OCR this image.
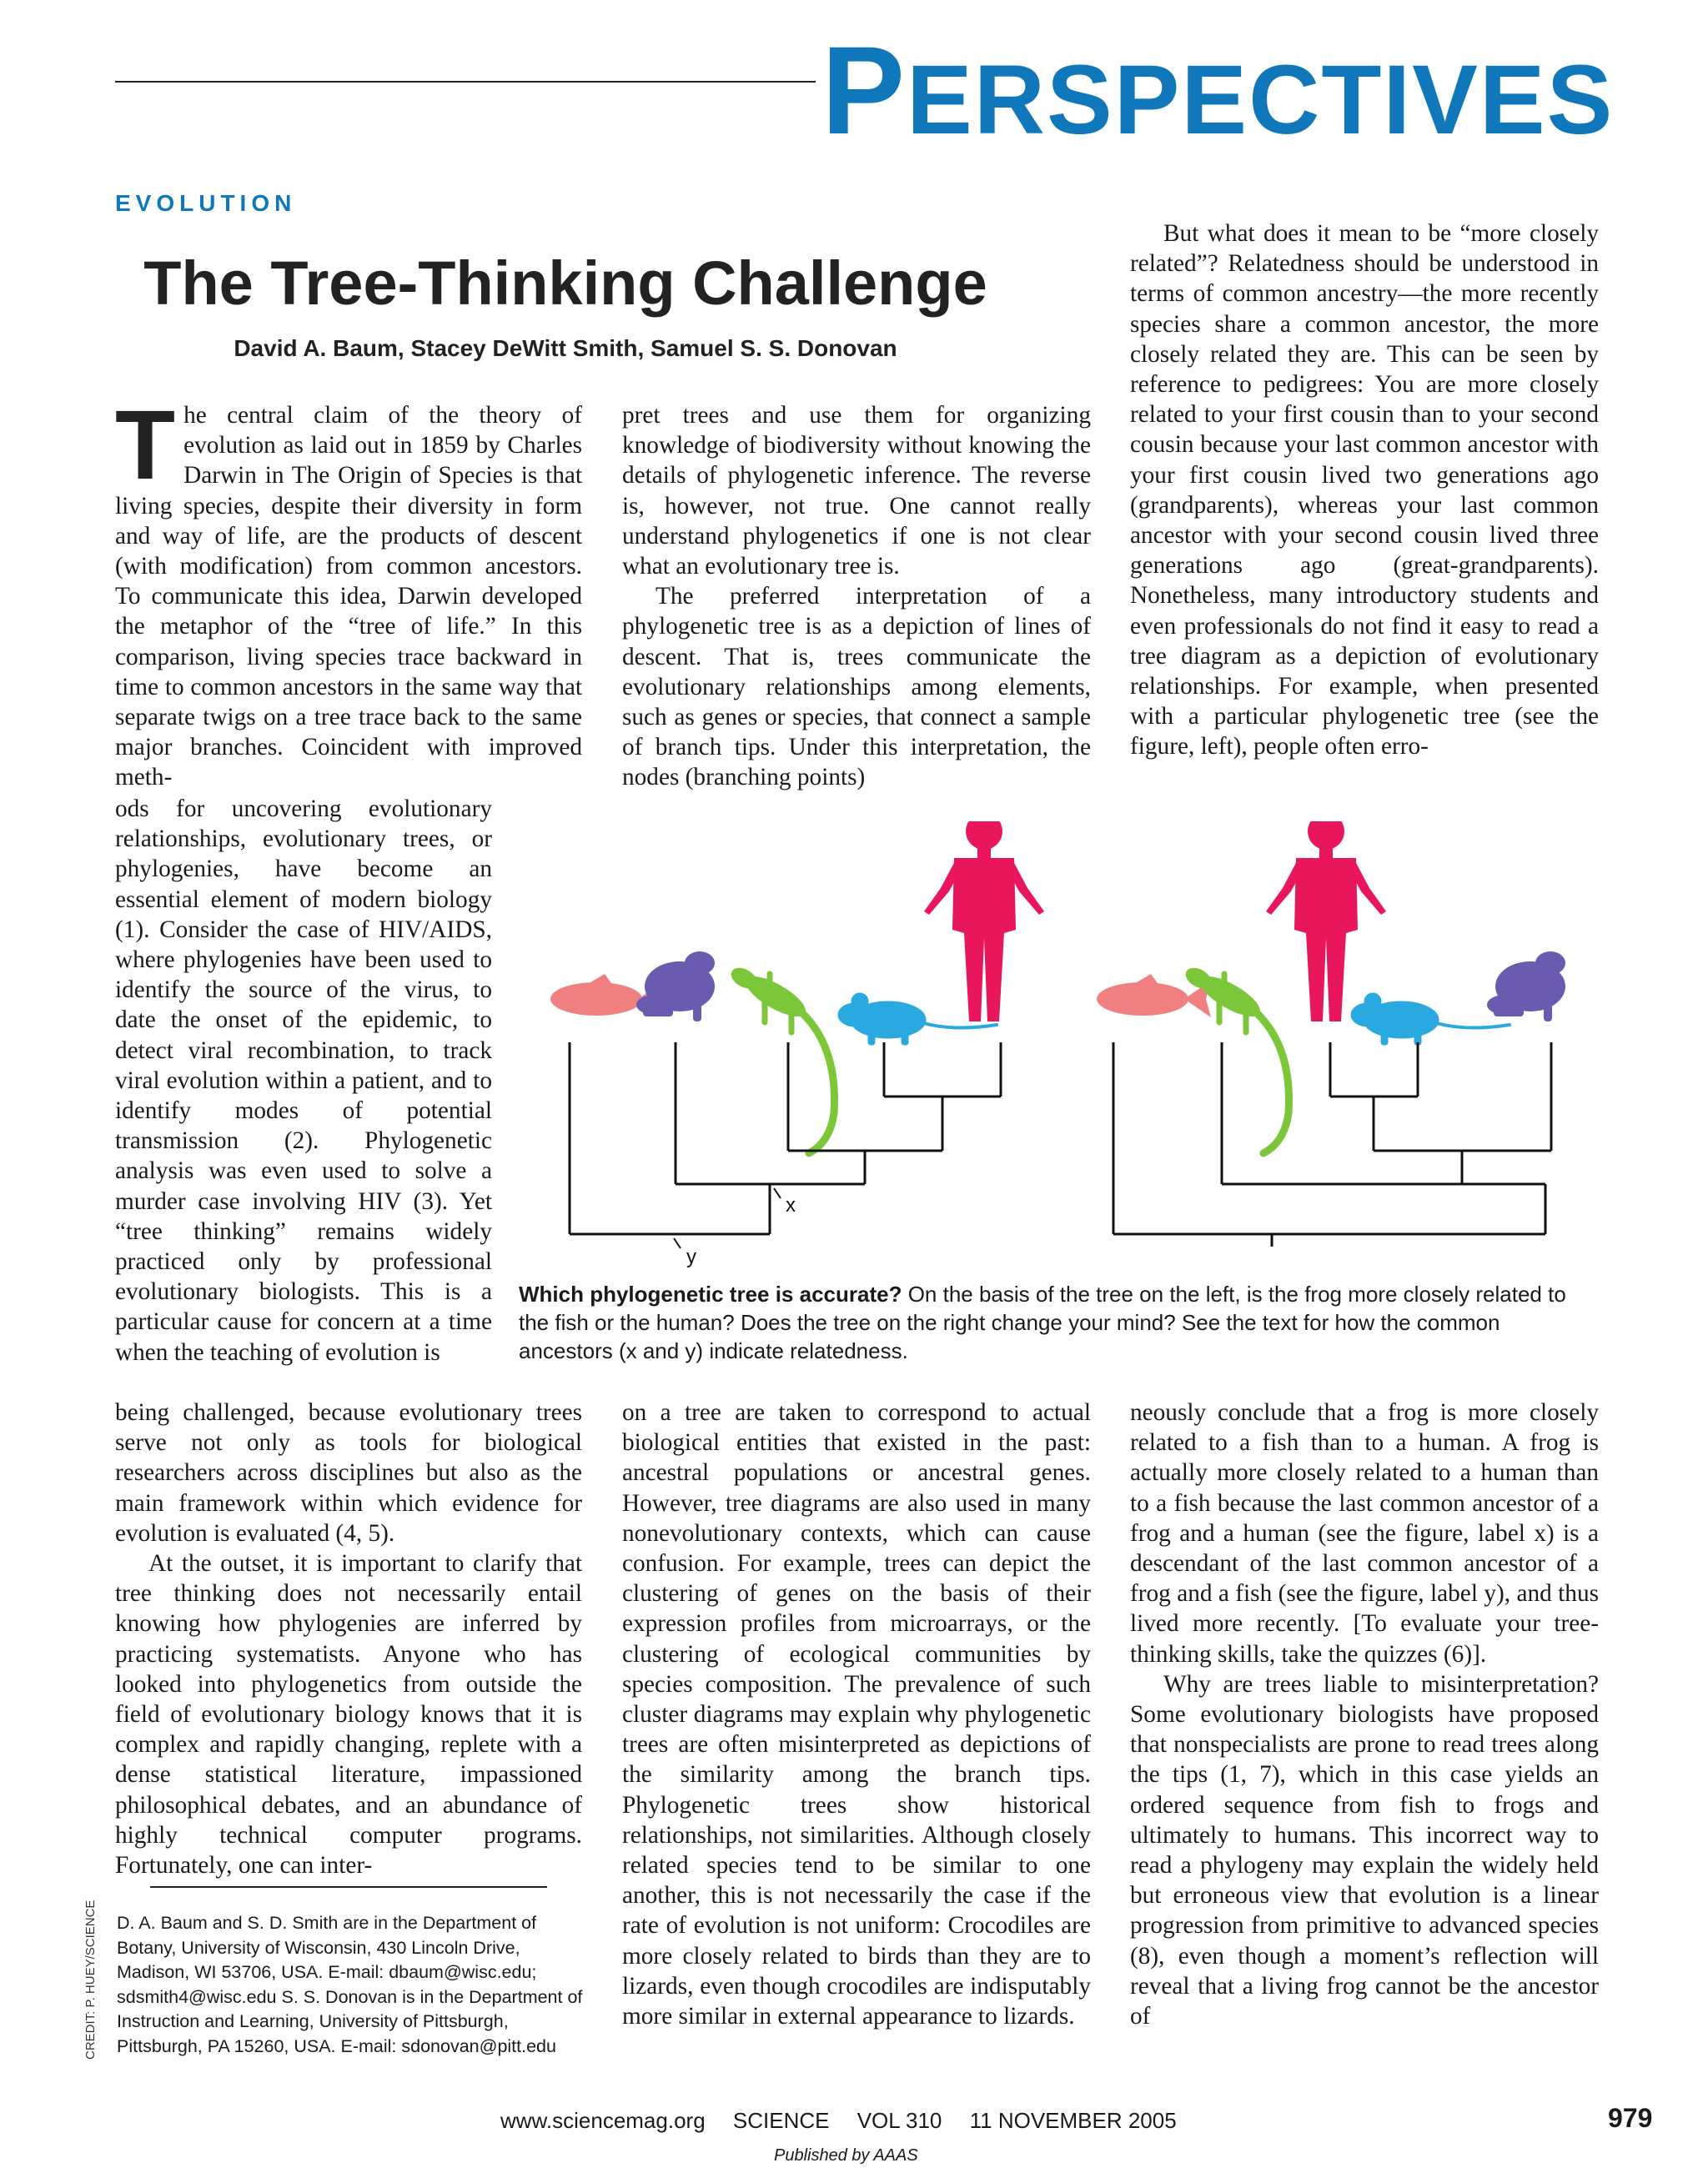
PERSPECTIVES
EVOLUTION
The Tree-Thinking Challenge
David A. Baum, Stacey DeWitt Smith, Samuel S. S. Donovan
T he central claim of the theory of evolution as laid out in 1859 by Charles Darwin in The Origin of Species is that living species, despite their diversity in form and way of life, are the products of descent (with modification) from common ancestors. To communicate this idea, Darwin developed the metaphor of the “tree of life.” In this comparison, living species trace backward in time to common ancestors in the same way that separate twigs on a tree trace back to the same major branches. Coincident with improved meth-

ods for uncovering evolutionary relationships, evolutionary trees, or phylogenies, have become an essential element of modern biology (1). Consider the case of HIV/AIDS, where phylogenies have been used to identify the source of the virus, to date the onset of the epidemic, to detect viral recombination, to track viral evolution within a patient, and to identify modes of potential transmission (2). Phylogenetic analysis was even used to solve a murder case involving HIV (3). Yet “tree thinking” remains widely practiced only by professional evolutionary biologists. This is a particular cause for concern at a time when the teaching of evolution is

being challenged, because evolutionary trees serve not only as tools for biological researchers across disciplines but also as the main framework within which evidence for evolution is evaluated (4, 5).

At the outset, it is important to clarify that tree thinking does not necessarily entail knowing how phylogenies are inferred by practicing systematists. Anyone who has looked into phylogenetics from outside the field of evolutionary biology knows that it is complex and rapidly changing, replete with a dense statistical literature, impassioned philosophical debates, and an abundance of highly technical computer programs. Fortunately, one can inter-

pret trees and use them for organizing knowledge of biodiversity without knowing the details of phylogenetic inference. The reverse is, however, not true. One cannot really understand phylogenetics if one is not clear what an evolutionary tree is.

The preferred interpretation of a phylogenetic tree is as a depiction of lines of descent. That is, trees communicate the evolutionary relationships among elements, such as genes or species, that connect a sample of branch tips. Under this interpretation, the nodes (branching points)

on a tree are taken to correspond to actual biological entities that existed in the past: ancestral populations or ancestral genes. However, tree diagrams are also used in many nonevolutionary contexts, which can cause confusion. For example, trees can depict the clustering of genes on the basis of their expression profiles from microarrays, or the clustering of ecological communities by species composition. The prevalence of such cluster diagrams may explain why phylogenetic trees are often misinterpreted as depictions of the similarity among the branch tips. Phylogenetic trees show historical relationships, not similarities. Although closely related species tend to be similar to one another, this is not necessarily the case if the rate of evolution is not uniform: Crocodiles are more closely related to birds than they are to lizards, even though crocodiles are indisputably more similar in external appearance to lizards.

But what does it mean to be “more closely related”? Relatedness should be understood in terms of common ancestry—the more recently species share a common ancestor, the more closely related they are. This can be seen by reference to pedigrees: You are more closely related to your first cousin than to your second cousin because your last common ancestor with your first cousin lived two generations ago (grandparents), whereas your last common ancestor with your second cousin lived three generations ago (great-grandparents). Nonetheless, many introductory students and even professionals do not find it easy to read a tree diagram as a depiction of evolutionary relationships. For example, when presented with a particular phylogenetic tree (see the figure, left), people often erro-

neously conclude that a frog is more closely related to a fish than to a human. A frog is actually more closely related to a human than to a fish because the last common ancestor of a frog and a human (see the figure, label x) is a descendant of the last common ancestor of a frog and a fish (see the figure, label y), and thus lived more recently. [To evaluate your tree-thinking skills, take the quizzes (6)].

Why are trees liable to misinterpretation? Some evolutionary biologists have proposed that nonspecialists are prone to read trees along the tips (1, 7), which in this case yields an ordered sequence from fish to frogs and ultimately to humans. This incorrect way to read a phylogeny may explain the widely held but erroneous view that evolution is a linear progression from primitive to advanced species (8), even though a moment’s reflection will reveal that a living frog cannot be the ancestor of

x
y
Which phylogenetic tree is accurate? On the basis of the tree on the left, is the frog more closely related to the fish or the human? Does the tree on the right change your mind? See the text for how the common ancestors (x and y) indicate relatedness.
D. A. Baum and S. D. Smith are in the Department of Botany, University of Wisconsin, 430 Lincoln Drive, Madison, WI 53706, USA. E-mail: dbaum@wisc.edu; sdsmith4@wisc.edu S. S. Donovan is in the Department of Instruction and Learning, University of Pittsburgh, Pittsburgh, PA 15260, USA. E-mail: sdonovan@pitt.edu
CREDIT: P. HUEY/SCIENCE
www.sciencemag.org SCIENCE VOL 310 11 NOVEMBER 2005	979
Published by AAAS
